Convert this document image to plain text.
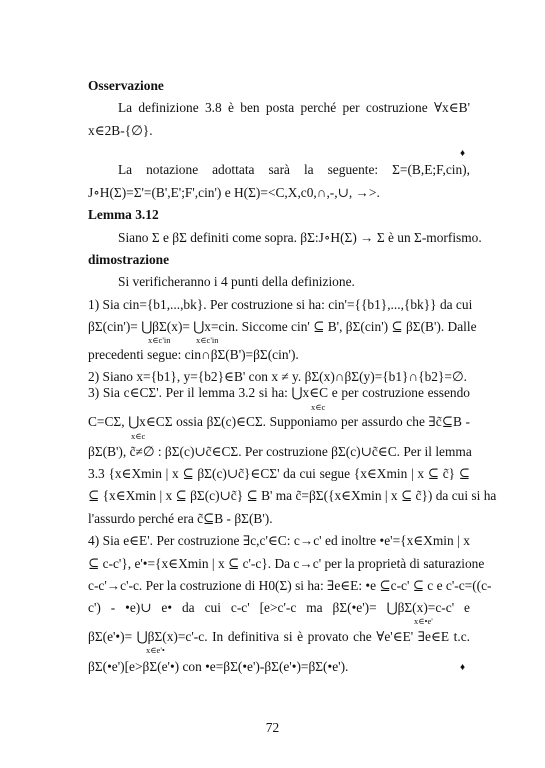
Osservazione
La definizione 3.8 è ben posta perché per costruzione ∀x∈B'
x∈2B-{∅}.
♦
La notazione adottata sarà la seguente: Σ=(B,E;F,cin),
J∘H(Σ)=Σ'=(B',E';F',cin') e H(Σ)=<C,X,c0,∩,-,∪, →>.
Lemma 3.12
Siano Σ e βΣ definiti come sopra. βΣ:J∘H(Σ) → Σ è un Σ-morfismo.
dimostrazione
Si verificheranno i 4 punti della definizione.
1) Sia cin={b1,...,bk}. Per costruzione si ha: cin'={{b1},...,{bk}} da cui
βΣ(cin')= ⋃βΣ(x)= ⋃x=cin. Siccome cin' ⊆ B', βΣ(cin') ⊆ βΣ(B'). Dalle
x∈c'in	x∈c'in
precedenti segue: cin∩βΣ(B')=βΣ(cin').
2) Siano x={b1}, y={b2}∈B' con x ≠ y. βΣ(x)∩βΣ(y)={b1}∩{b2}=∅.
3) Sia c∈CΣ'. Per il lemma 3.2 si ha: ⋃x∈C e per costruzione essendo
x∈c
C=CΣ, ⋃x∈CΣ ossia βΣ(c)∈CΣ. Supponiamo per assurdo che ∃c̃⊆B -
x∈c
βΣ(B'), c̃≠∅ : βΣ(c)∪c̃∈CΣ. Per costruzione βΣ(c)∪c̃∈C. Per il lemma
3.3 {x∈Xmin | x ⊆ βΣ(c)∪c̃}∈CΣ' da cui segue {x∈Xmin | x ⊆ c̃} ⊆
⊆ {x∈Xmin | x ⊆ βΣ(c)∪c̃} ⊆ B' ma c̃=βΣ({x∈Xmin | x ⊆ c̃}) da cui si ha
l'assurdo perché era c̃⊆B - βΣ(B').
4) Sia e∈E'. Per costruzione ∃c,c'∈C: c→c' ed inoltre •e'={x∈Xmin | x
⊆ c-c'}, e'•={x∈Xmin | x ⊆ c'-c}. Da c→c' per la proprietà di saturazione
c-c'→c'-c. Per la costruzione di H0(Σ) si ha: ∃e∈E: •e ⊆c-c' ⊆ c e c'-c=((c-
c') - •e)∪ e• da cui c-c' [e>c'-c ma βΣ(•e')= ⋃βΣ(x)=c-c' e
x∈•e'
βΣ(e'•)= ⋃βΣ(x)=c'-c. In definitiva si è provato che ∀e'∈E' ∃e∈E t.c.
x∈e'•
βΣ(•e')[e>βΣ(e'•) con •e=βΣ(•e')-βΣ(e'•)=βΣ(•e').	♦
72
